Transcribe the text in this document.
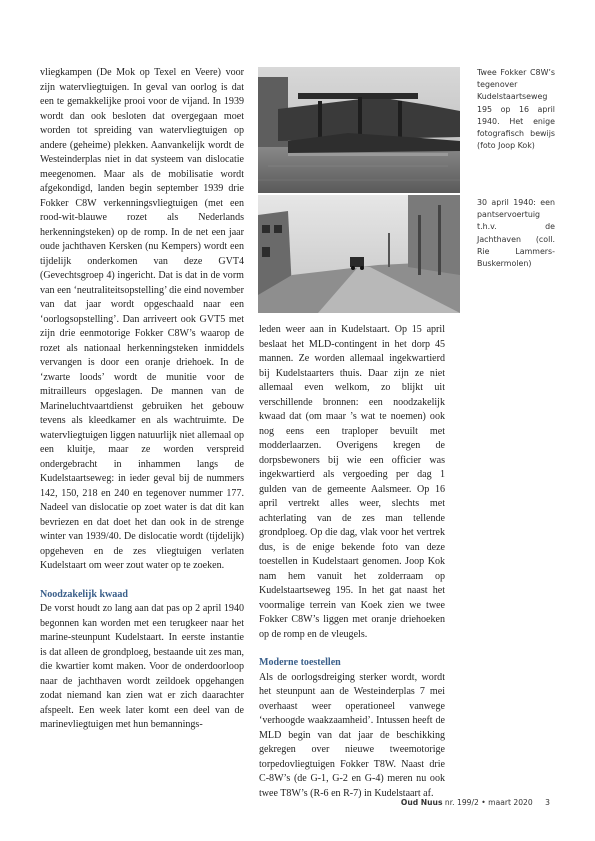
vliegkampen (De Mok op Texel en Veere) voor zijn watervliegtuigen. In geval van oorlog is dat een te gemakkelijke prooi voor de vijand. In 1939 wordt dan ook besloten dat overgegaan moet worden tot spreiding van watervliegtuigen op andere (geheime) plekken. Aanvankelijk wordt de Westeinderplas niet in dat systeem van dislocatie meegenomen. Maar als de mobilisatie wordt afgekondigd, landen begin september 1939 drie Fokker C8W verkenningsvliegtuigen (met een rood-wit-blauwe rozet als Nederlands herkenningsteken) op de romp. In de net een jaar oude jachthaven Kersken (nu Kempers) wordt een tijdelijk onderkomen van deze GVT4 (Gevechtsgroep 4) ingericht. Dat is dat in de vorm van een ‘neutraliteitsopstelling’ die eind november van dat jaar wordt opgeschaald naar een ‘oorlogsopstelling’. Dan arriveert ook GVT5 met zijn drie eenmotorige Fokker C8W’s waarop de rozet als nationaal herkenningsteken inmiddels vervangen is door een oranje driehoek. In de ‘zwarte loods’ wordt de munitie voor de mitrailleurs opgeslagen. De mannen van de Marineluchtvaartdienst gebruiken het gebouw tevens als kleedkamer en als wachtruimte. De watervliegtuigen liggen natuurlijk niet allemaal op een kluitje, maar ze worden verspreid ondergebracht in inhammen langs de Kudelstaartseweg: in ieder geval bij de nummers 142, 150, 218 en 240 en tegenover nummer 177. Nadeel van dislocatie op zoet water is dat dit kan bevriezen en dat doet het dan ook in de strenge winter van 1939/40. De dislocatie wordt (tijdelijk) opgeheven en de zes vliegtuigen verlaten Kudelstaart om weer zout water op te zoeken.

Noodzakelijk kwaad

De vorst houdt zo lang aan dat pas op 2 april 1940 begonnen kan worden met een terugkeer naar het marine-steunpunt Kudelstaart. In eerste instantie is dat alleen de grondploeg, bestaande uit zes man, die kwartier komt maken. Voor de onderdoorloop naar de jachthaven wordt zeildoek opgehangen zodat niemand kan zien wat er zich daarachter afspeelt. Een week later komt een deel van de marinevliegtuigen met hun bemannings-

Twee Fokker C8W’s tegenover Kudelstaartseweg 195 op 16 april 1940. Het enige fotografisch bewijs (foto Joop Kok)

30 april 1940: een pantservoertuig t.h.v. de Jachthaven (coll. Rie Lammers-Buskermolen)

leden weer aan in Kudelstaart. Op 15 april beslaat het MLD-contingent in het dorp 45 mannen. Ze worden allemaal ingekwartierd bij Kudelstaarters thuis. Daar zijn ze niet allemaal even welkom, zo blijkt uit verschillende bronnen: een noodzakelijk kwaad dat (om maar ’s wat te noemen) ook nog eens een traploper bevuilt met modderlaarzen. Overigens kregen de dorpsbewoners bij wie een officier was ingekwartierd als vergoeding per dag 1 gulden van de gemeente Aalsmeer. Op 16 april vertrekt alles weer, slechts met achterlating van de zes man tellende grondploeg. Op die dag, vlak voor het vertrek dus, is de enige bekende foto van deze toestellen in Kudelstaart genomen. Joop Kok nam hem vanuit het zolderraam op Kudelstaartseweg 195. In het gat naast het voormalige terrein van Koek zien we twee Fokker C8W’s liggen met oranje driehoeken op de romp en de vleugels.

Moderne toestellen

Als de oorlogsdreiging sterker wordt, wordt het steunpunt aan de Westeinderplas 7 mei overhaast weer operationeel vanwege ‘verhoogde waakzaamheid’. Intussen heeft de MLD begin van dat jaar de beschikking gekregen over nieuwe tweemotorige torpedovliegtuigen Fokker T8W. Naast drie C-8W’s (de G-1, G-2 en G-4) meren nu ook twee T8W’s (R-6 en R-7) in Kudelstaart af.

Oud Nuus nr. 199/2 • maart 2020 3
